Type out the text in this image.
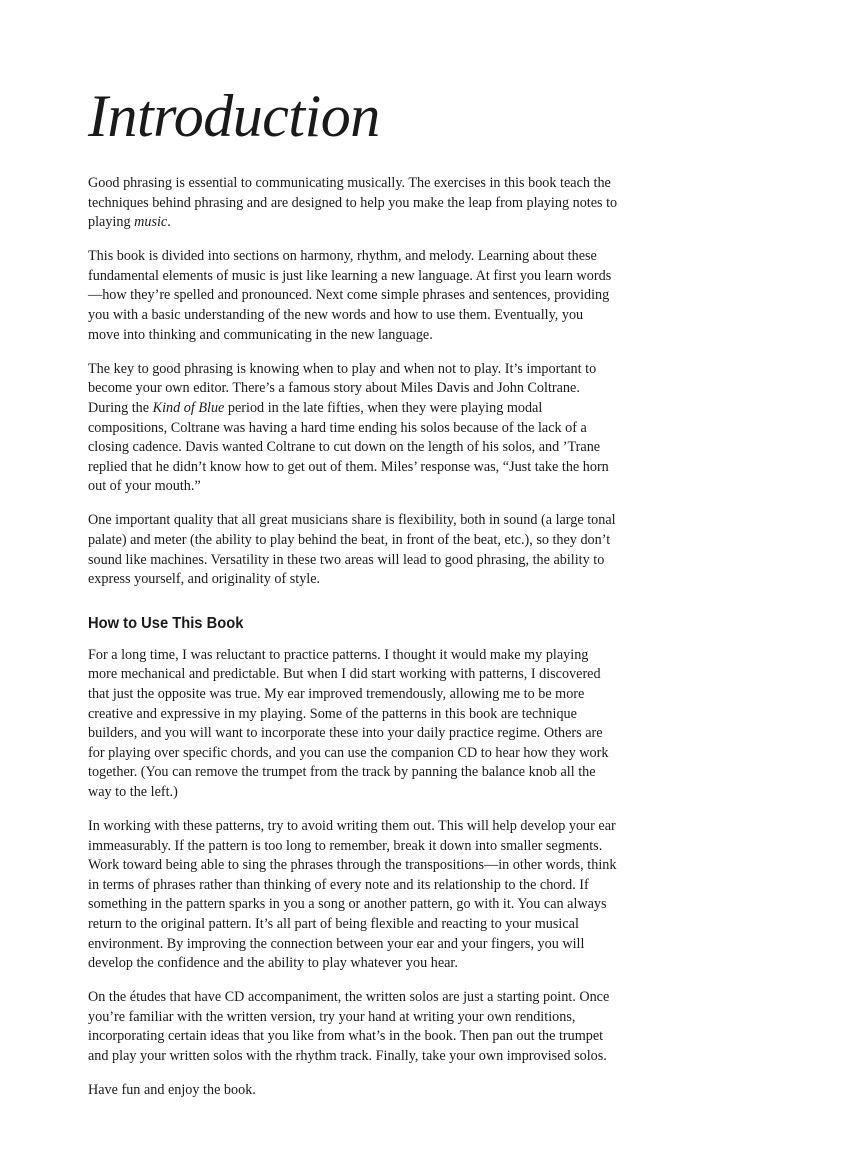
Introduction

Good phrasing is essential to communicating musically. The exercises in this book teach the techniques behind phrasing and are designed to help you make the leap from playing notes to playing music.

This book is divided into sections on harmony, rhythm, and melody. Learning about these fundamental elements of music is just like learning a new language. At first you learn words—how they’re spelled and pronounced. Next come simple phrases and sentences, providing you with a basic understanding of the new words and how to use them. Eventually, you move into thinking and communicating in the new language.

The key to good phrasing is knowing when to play and when not to play. It’s important to become your own editor. There’s a famous story about Miles Davis and John Coltrane. During the Kind of Blue period in the late fifties, when they were playing modal compositions, Coltrane was having a hard time ending his solos because of the lack of a closing cadence. Davis wanted Coltrane to cut down on the length of his solos, and ’Trane replied that he didn’t know how to get out of them. Miles’ response was, “Just take the horn out of your mouth.”

One important quality that all great musicians share is flexibility, both in sound (a large tonal palate) and meter (the ability to play behind the beat, in front of the beat, etc.), so they don’t sound like machines. Versatility in these two areas will lead to good phrasing, the ability to express yourself, and originality of style.

How to Use This Book

For a long time, I was reluctant to practice patterns. I thought it would make my playing more mechanical and predictable. But when I did start working with patterns, I discovered that just the opposite was true. My ear improved tremendously, allowing me to be more creative and expressive in my playing. Some of the patterns in this book are technique builders, and you will want to incorporate these into your daily practice regime. Others are for playing over specific chords, and you can use the companion CD to hear how they work together. (You can remove the trumpet from the track by panning the balance knob all the way to the left.)

In working with these patterns, try to avoid writing them out. This will help develop your ear immeasurably. If the pattern is too long to remember, break it down into smaller segments. Work toward being able to sing the phrases through the transpositions—in other words, think in terms of phrases rather than thinking of every note and its relationship to the chord. If something in the pattern sparks in you a song or another pattern, go with it. You can always return to the original pattern. It’s all part of being flexible and reacting to your musical environment. By improving the connection between your ear and your fingers, you will develop the confidence and the ability to play whatever you hear.

On the études that have CD accompaniment, the written solos are just a starting point. Once you’re familiar with the written version, try your hand at writing your own renditions, incorporating certain ideas that you like from what’s in the book. Then pan out the trumpet and play your written solos with the rhythm track. Finally, take your own improvised solos.

Have fun and enjoy the book.
